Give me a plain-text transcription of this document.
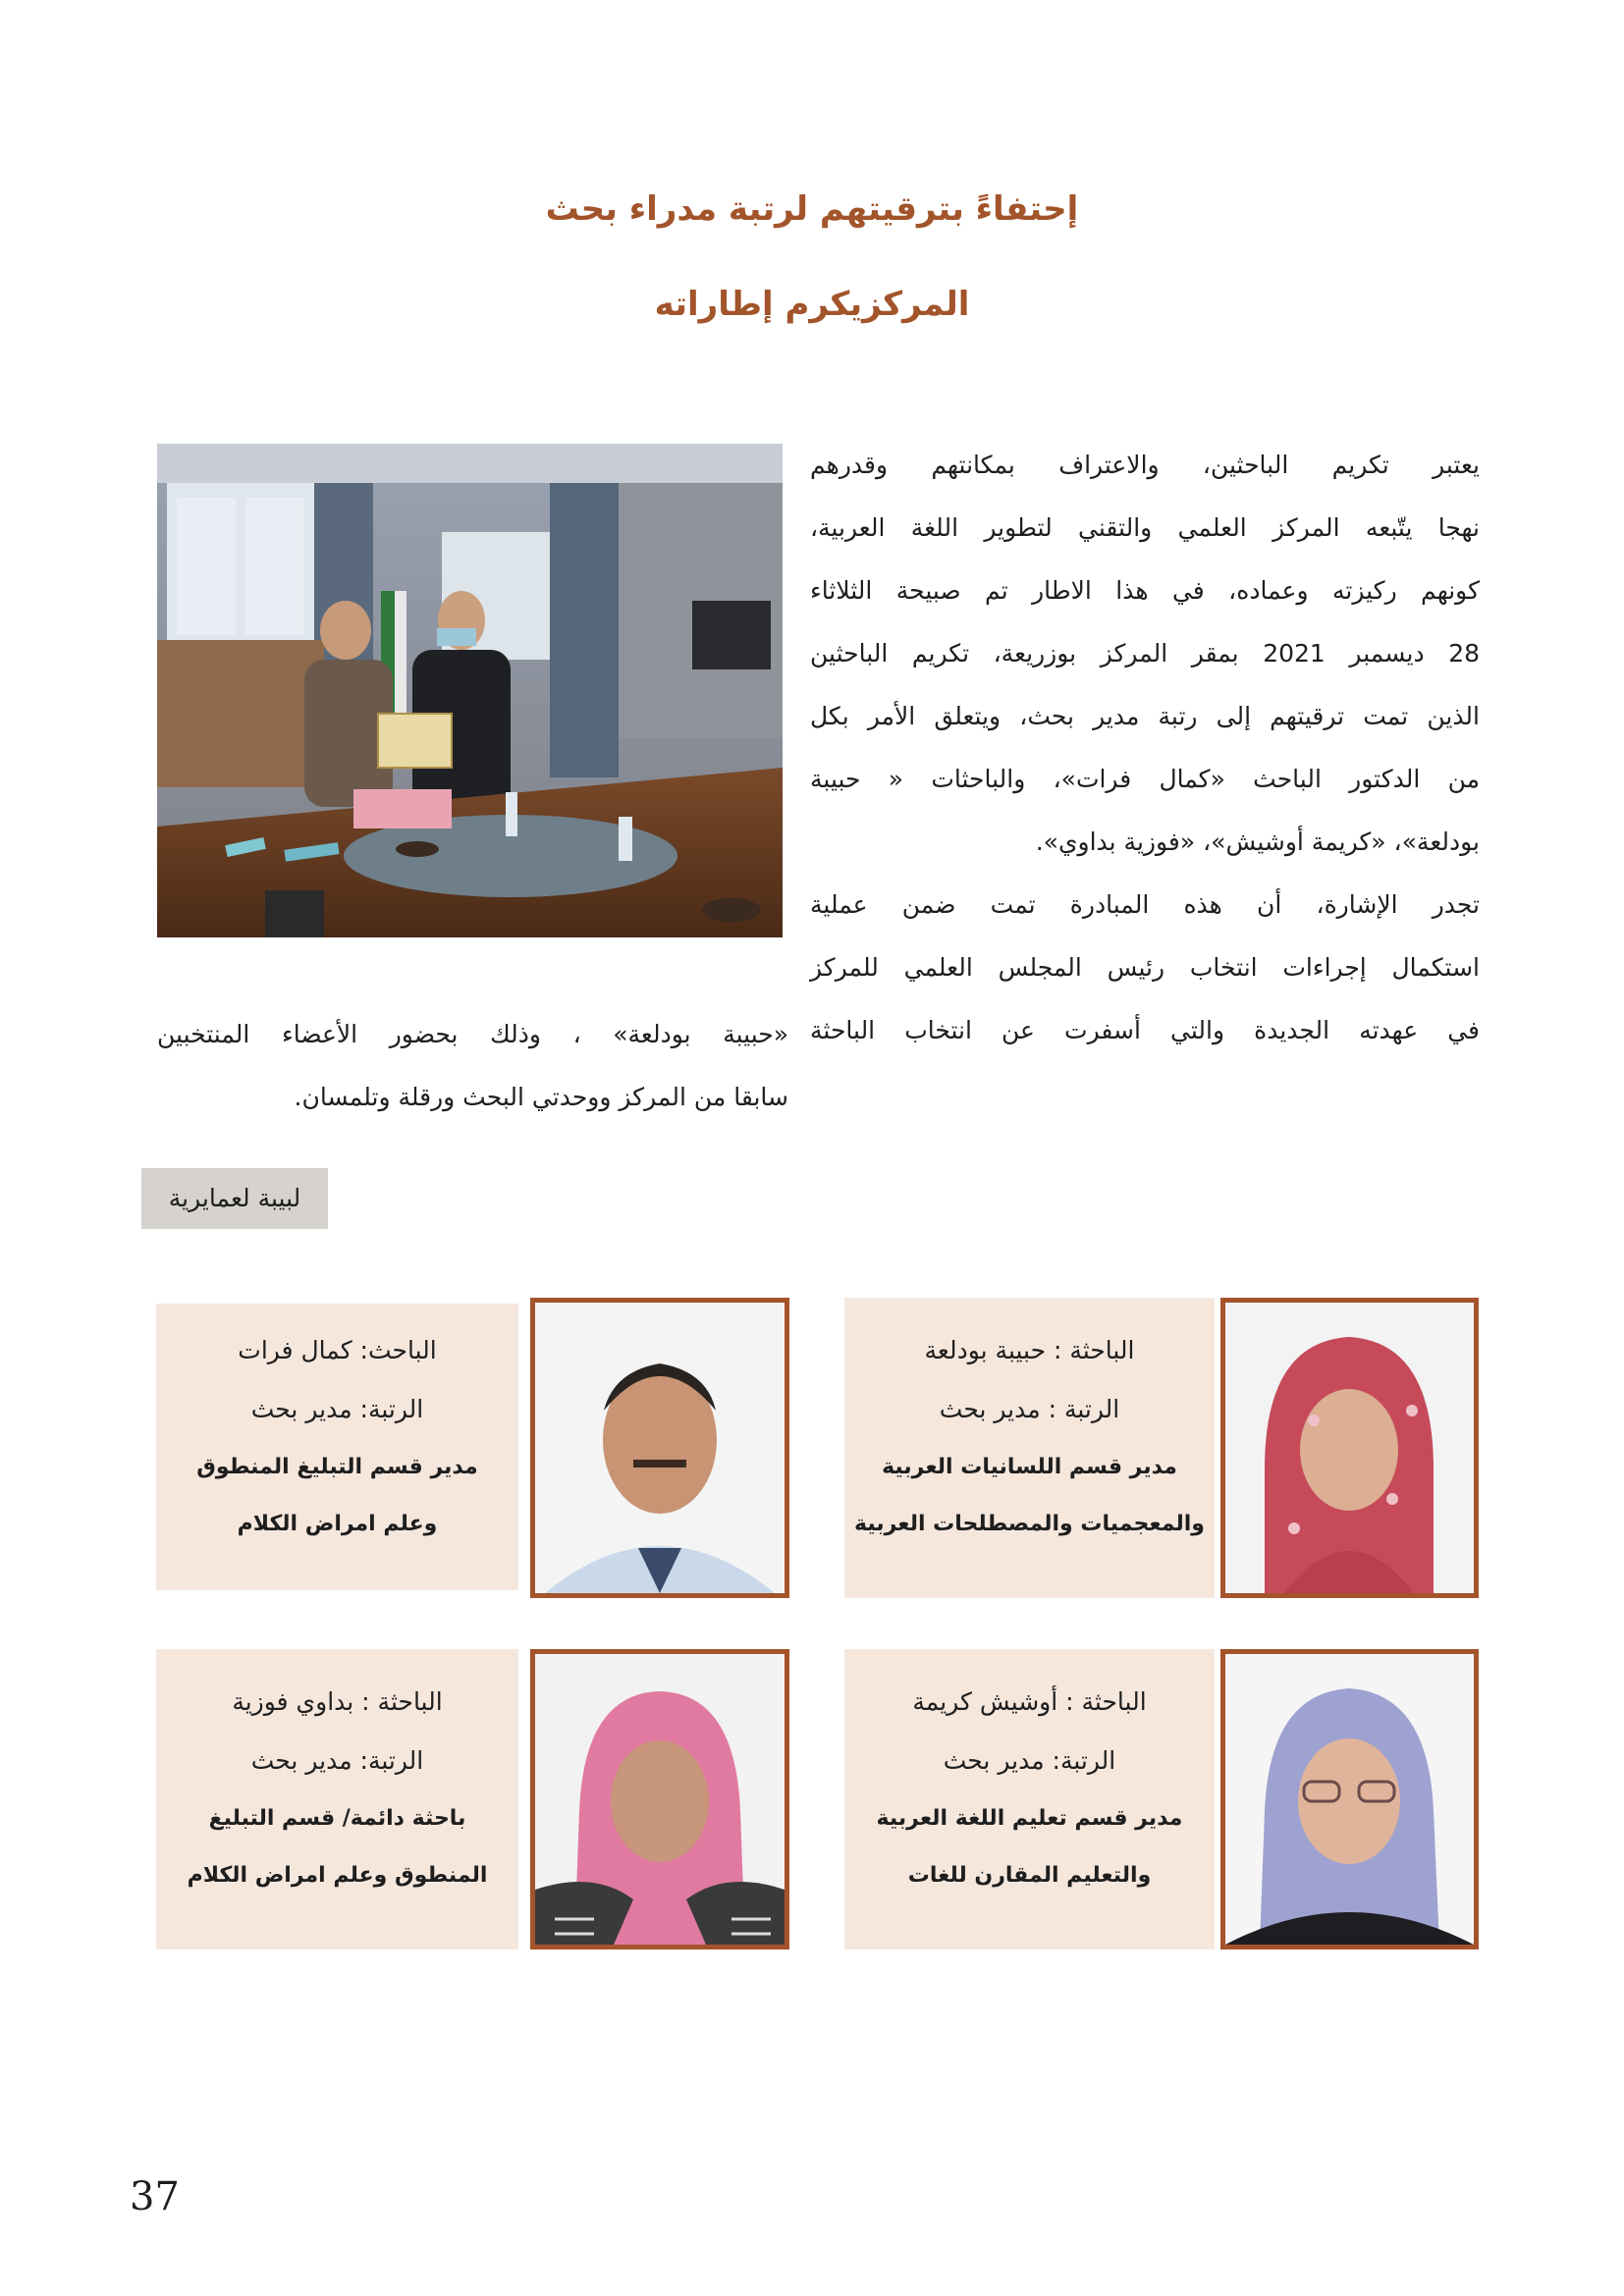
إحتفاءً بترقيتهم لرتبة مدراء بحث
المركزيكرم إطاراته
يعتبر تكريم الباحثين، والاعتراف بمكانتهم وقدرهم
نهجا يتّبعه المركز العلمي والتقني لتطوير اللغة العربية،
كونهم ركيزته وعماده، في هذا الاطار تم صبيحة الثلاثاء
28 ديسمبر 2021 بمقر المركز بوزريعة، تكريم الباحثين
الذين تمت ترقيتهم إلى رتبة مدير بحث، ويتعلق الأمر بكل
من الدكتور الباحث «كمال فرات»، والباحثات « حبيبة
بودلعة»، «كريمة أوشيش»، «فوزية بداوي».
تجدر الإشارة، أن هذه المبادرة تمت ضمن عملية
استكمال إجراءات انتخاب رئيس المجلس العلمي للمركز
في عهدته الجديدة والتي أسفرت عن انتخاب الباحثة
«حبيبة بودلعة» ، وذلك بحضور الأعضاء المنتخبين
سابقا من المركز ووحدتي البحث ورقلة وتلمسان.
لبيبة لعمايرية
الباحثة : حبيبة بودلعة
الرتبة : مدير بحث
مدير قسم اللسانيات العربية
والمعجميات والمصطلحات العربية
الباحث: كمال فرات
الرتبة: مدير بحث
مدير قسم التبليغ المنطوق
وعلم امراض الكلام
الباحثة : أوشيش كريمة
الرتبة: مدير بحث
مدير قسم تعليم اللغة العربية
والتعليم المقارن للغات
الباحثة : بداوي فوزية
الرتبة: مدير بحث
باحثة دائمة/ قسم التبليغ
المنطوق وعلم امراض الكلام
37
